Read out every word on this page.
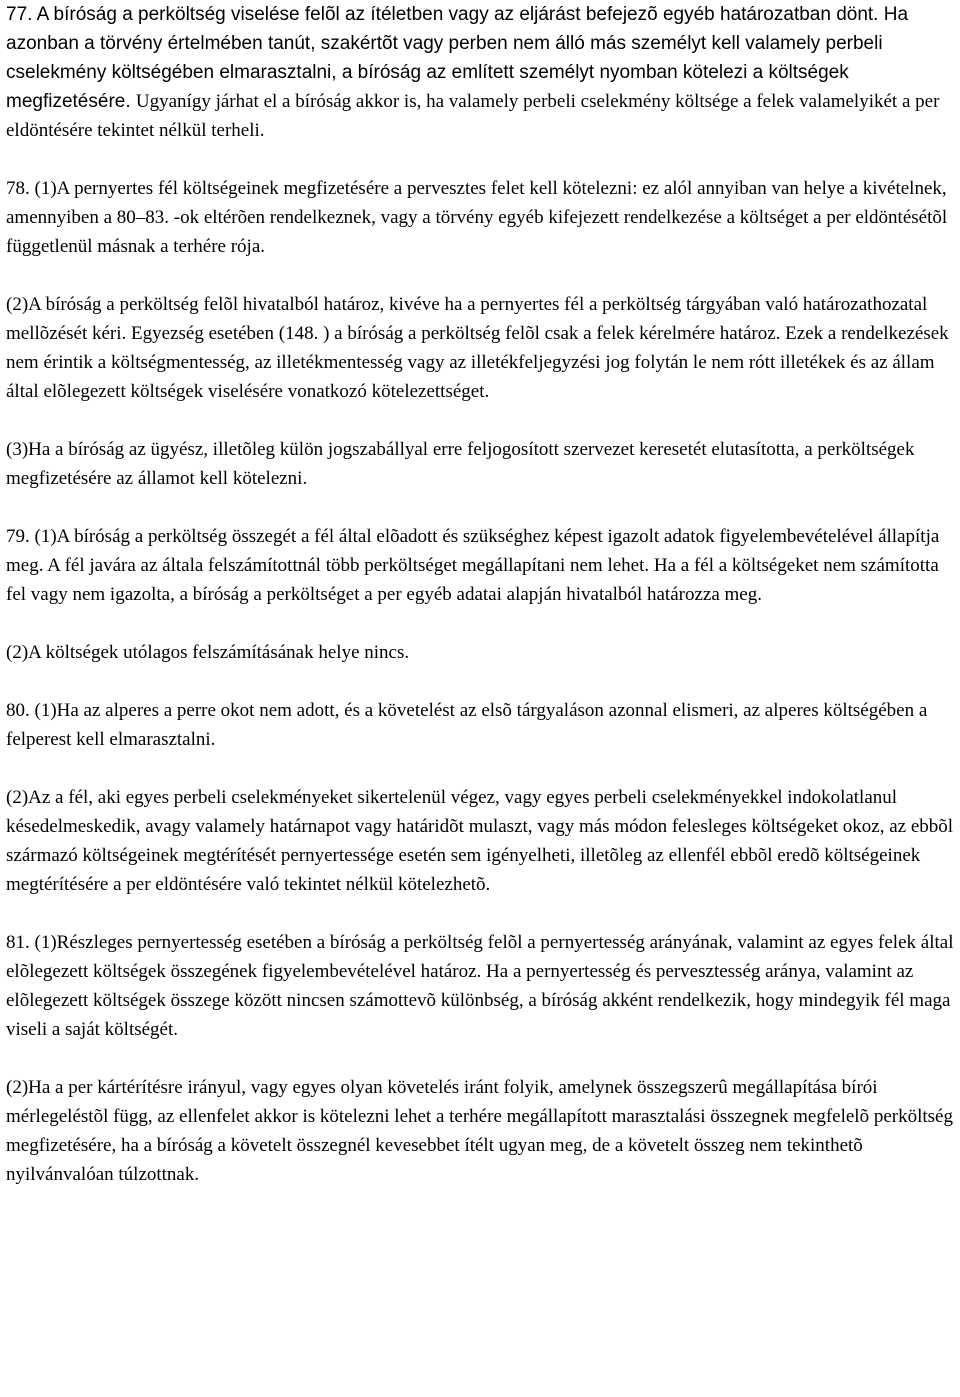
77. A bíróság a perköltség viselése felõl az ítéletben vagy az eljárást befejezõ egyéb határozatban dönt. Ha azonban a törvény értelmében tanút, szakértõt vagy perben nem álló más személyt kell valamely perbeli cselekmény költségében elmarasztalni, a bíróság az említett személyt nyomban kötelezi a költségek megfizetésére. Ugyanígy járhat el a bíróság akkor is, ha valamely perbeli cselekmény költsége a felek valamelyikét a per eldöntésére tekintet nélkül terheli.

78. (1)A pernyertes fél költségeinek megfizetésére a pervesztes felet kell kötelezni: ez alól annyiban van helye a kivételnek, amennyiben a 80–83. -ok eltérõen rendelkeznek, vagy a törvény egyéb kifejezett rendelkezése a költséget a per eldöntésétõl függetlenül másnak a terhére rója.

(2)A bíróság a perköltség felõl hivatalból határoz, kivéve ha a pernyertes fél a perköltség tárgyában való határozathozatal mellõzését kéri. Egyezség esetében (148. ) a bíróság a perköltség felõl csak a felek kérelmére határoz. Ezek a rendelkezések nem érintik a költségmentesség, az illetékmentesség vagy az illetékfeljegyzési jog folytán le nem rótt illetékek és az állam által elõlegezett költségek viselésére vonatkozó kötelezettséget.

(3)Ha a bíróság az ügyész, illetõleg külön jogszabállyal erre feljogosított szervezet keresetét elutasította, a perköltségek megfizetésére az államot kell kötelezni.

79. (1)A bíróság a perköltség összegét a fél által elõadott és szükséghez képest igazolt adatok figyelembevételével állapítja meg. A fél javára az általa felszámítottnál több perköltséget megállapítani nem lehet. Ha a fél a költségeket nem számította fel vagy nem igazolta, a bíróság a perköltséget a per egyéb adatai alapján hivatalból határozza meg.

(2)A költségek utólagos felszámításának helye nincs.

80. (1)Ha az alperes a perre okot nem adott, és a követelést az elsõ tárgyaláson azonnal elismeri, az alperes költségében a felperest kell elmarasztalni.

(2)Az a fél, aki egyes perbeli cselekményeket sikertelenül végez, vagy egyes perbeli cselekményekkel indokolatlanul késedelmeskedik, avagy valamely határnapot vagy határidõt mulaszt, vagy más módon felesleges költségeket okoz, az ebbõl származó költségeinek megtérítését pernyertessége esetén sem igényelheti, illetõleg az ellenfél ebbõl eredõ költségeinek megtérítésére a per eldöntésére való tekintet nélkül kötelezhetõ.

81. (1)Részleges pernyertesség esetében a bíróság a perköltség felõl a pernyertesség arányának, valamint az egyes felek által elõlegezett költségek összegének figyelembevételével határoz. Ha a pernyertesség és pervesztesség aránya, valamint az elõlegezett költségek összege között nincsen számottevõ különbség, a bíróság akként rendelkezik, hogy mindegyik fél maga viseli a saját költségét.

(2)Ha a per kártérítésre irányul, vagy egyes olyan követelés iránt folyik, amelynek összegszerû megállapítása bírói mérlegeléstõl függ, az ellenfelet akkor is kötelezni lehet a terhére megállapított marasztalási összegnek megfelelõ perköltség megfizetésére, ha a bíróság a követelt összegnél kevesebbet ítélt ugyan meg, de a követelt összeg nem tekinthetõ nyilvánvalóan túlzottnak.
